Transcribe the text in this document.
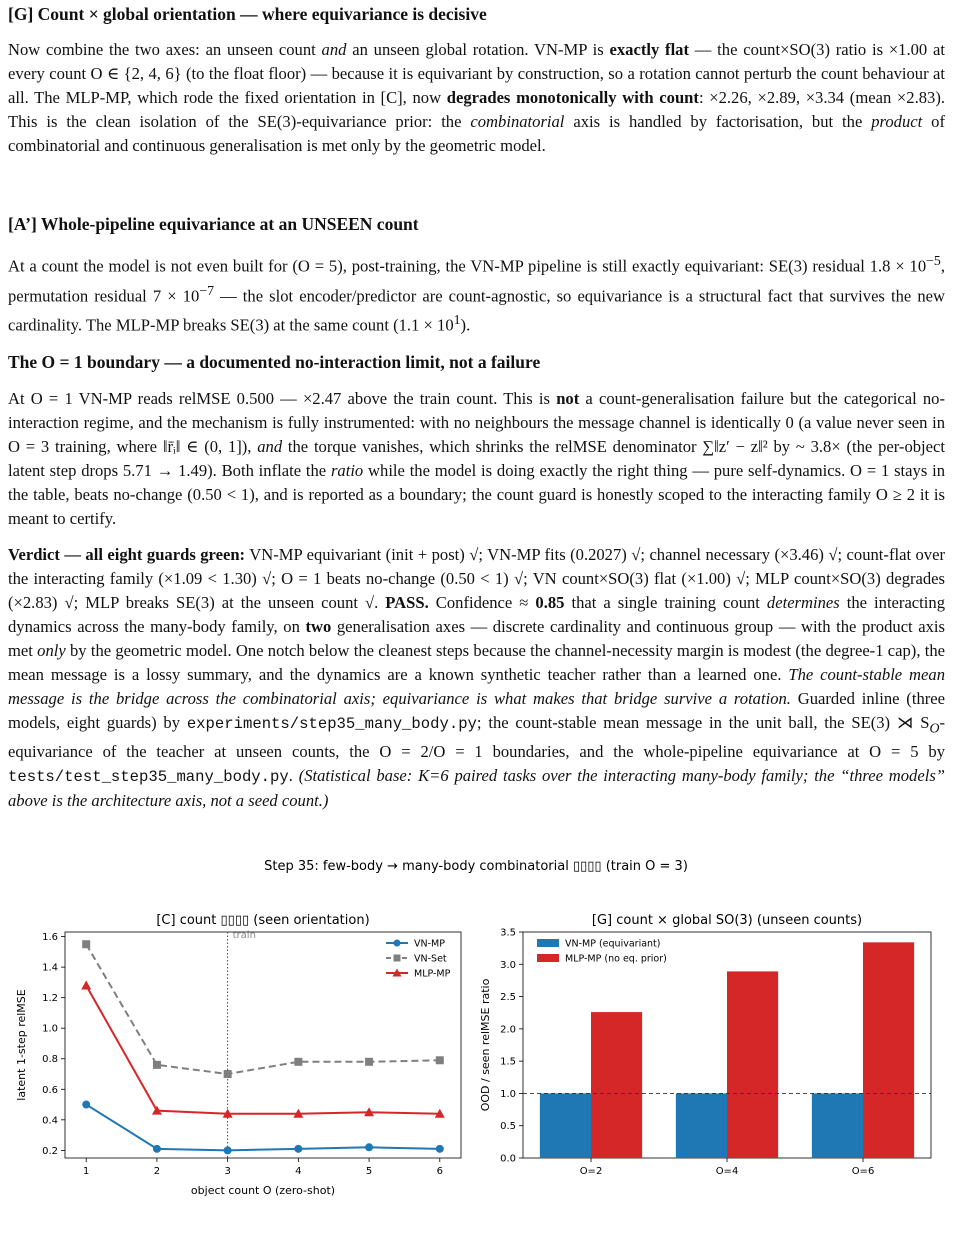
[G] Count × global orientation — where equivariance is decisive

Now combine the two axes: an unseen count and an unseen global rotation. VN-MP is exactly flat — the count×SO(3) ratio is ×1.00 at every count O ∈ {2, 4, 6} (to the float floor) — because it is equivariant by construction, so a rotation cannot perturb the count behaviour at all. The MLP-MP, which rode the fixed orientation in [C], now degrades monotonically with count: ×2.26, ×2.89, ×3.34 (mean ×2.83). This is the clean isolation of the SE(3)-equivariance prior: the combinatorial axis is handled by factorisation, but the product of combinatorial and continuous generalisation is met only by the geometric model.

[A’] Whole-pipeline equivariance at an UNSEEN count

At a count the model is not even built for (O = 5), post-training, the VN-MP pipeline is still exactly equivariant: SE(3) residual $1.8 \times 10^{-5}$, permutation residual $7 \times 10^{-7}$ — the slot encoder/predictor are count-agnostic, so equivariance is a structural fact that survives the new cardinality. The MLP-MP breaks SE(3) at the same count $(1.1 \times 10^1)$.

The O = 1 boundary — a documented no-interaction limit, not a failure

At O = 1 VN-MP reads relMSE 0.500 — ×2.47 above the train count. This is not a count-generalisation failure but the categorical no-interaction regime, and the mechanism is fully instrumented: with no neighbours the message channel is identically 0 (a value never seen in O = 3 training, where ‖r̄ᵢ‖ ∈ (0, 1]), and the torque vanishes, which shrinks the relMSE denominator ∑‖z′ − z‖² by ~ 3.8× (the per-object latent step drops 5.71 → 1.49). Both inflate the ratio while the model is doing exactly the right thing — pure self-dynamics. O = 1 stays in the table, beats no-change (0.50 < 1), and is reported as a boundary; the count guard is honestly scoped to the interacting family O ≥ 2 it is meant to certify.

Verdict — all eight guards green: VN-MP equivariant (init + post) √; VN-MP fits (0.2027) √; channel necessary (×3.46) √; count-flat over the interacting family (×1.09 < 1.30) √; O = 1 beats no-change (0.50 < 1) √; VN count×SO(3) flat (×1.00) √; MLP count×SO(3) degrades (×2.83) √; MLP breaks SE(3) at the unseen count √. PASS. Confidence ≈ 0.85 that a single training count determines the interacting dynamics across the many-body family, on two generalisation axes — discrete cardinality and continuous group — with the product axis met only by the geometric model. One notch below the cleanest steps because the channel-necessity margin is modest (the degree-1 cap), the mean message is a lossy summary, and the dynamics are a known synthetic teacher rather than a learned one. The count-stable mean message is the bridge across the combinatorial axis; equivariance is what makes that bridge survive a rotation. Guarded inline (three models, eight guards) by experiments/step35_many_body.py; the count-stable mean message in the unit ball, the SE(3) ⋊ $S_O$-equivariance of the teacher at unseen counts, the O = 2/O = 1 boundaries, and the whole-pipeline equivariance at O = 5 by tests/test_step35_many_body.py. (Statistical base: K=6 paired tasks over the interacting many-body family; the “three models” above is the architecture axis, not a seed count.)

Step 35: few-body → many-body combinatorial ▯▯▯▯ (train O = 3)
[C] count ▯▯▯▯ (seen orientation)
1	2	3	4	5	6
0.2
0.4
0.6
0.8
1.0
1.2
1.4
1.6
object count O (zero-shot)
latent 1-step relMSE
train
VN-MP
VN-Set
MLP-MP
[G] count × global SO(3) (unseen counts)
0.0
0.5
1.0
1.5
2.0
2.5
3.0
3.5
OOD / seen relMSE ratio
O=2	O=4	O=6
VN-MP (equivariant)
MLP-MP (no eq. prior)
